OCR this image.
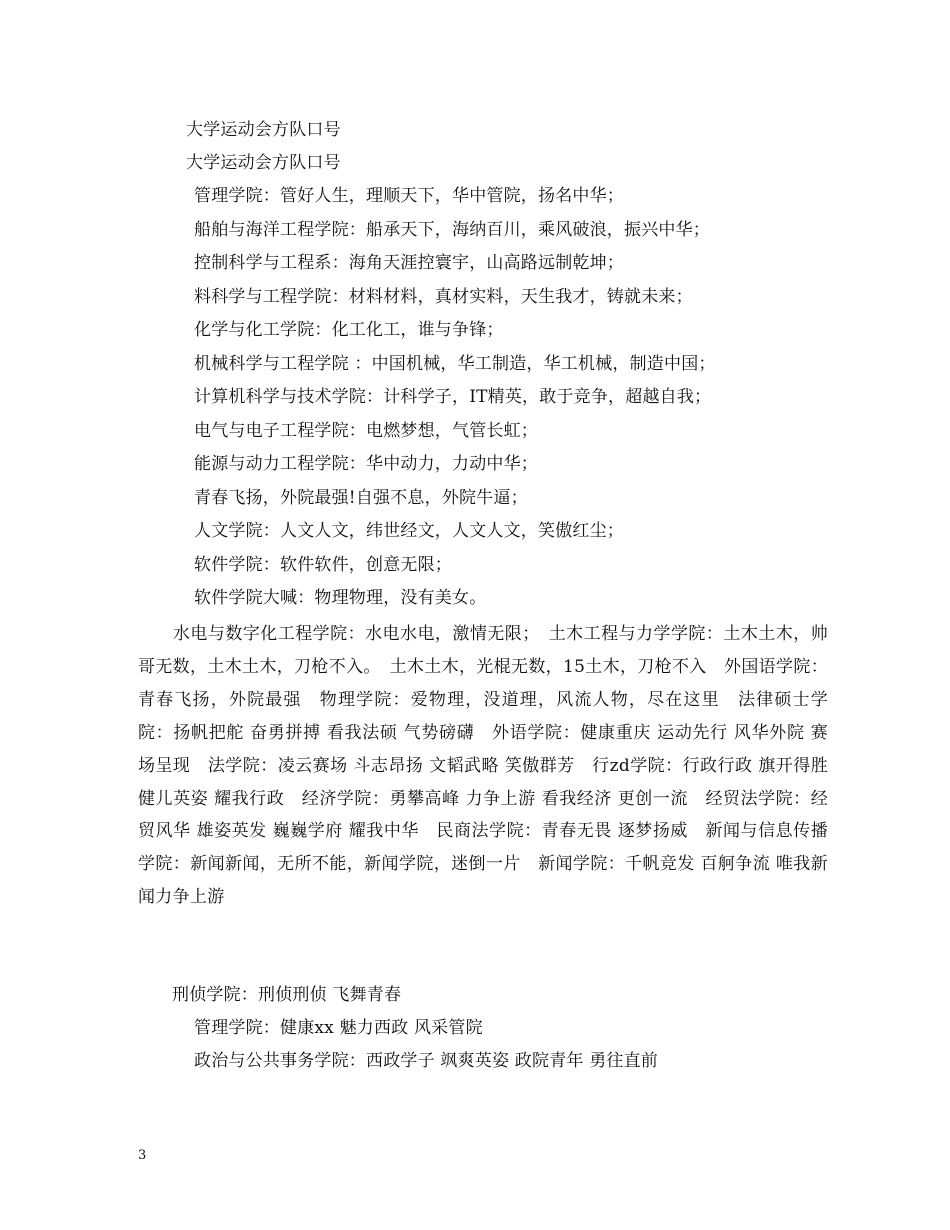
大学运动会方队口号
大学运动会方队口号
管理学院：管好人生，理顺天下，华中管院，扬名中华；
船舶与海洋工程学院：船承天下，海纳百川，乘风破浪，振兴中华；
控制科学与工程系：海角天涯控寰宇，山高路远制乾坤；
料科学与工程学院：材料材料，真材实料，天生我才，铸就未来；
化学与化工学院：化工化工，谁与争锋；
机械科学与工程学院 ：中国机械，华工制造，华工机械，制造中国；
计算机科学与技术学院：计科学子，IT精英，敢于竞争，超越自我；
电气与电子工程学院：电燃梦想，气管长虹；
能源与动力工程学院：华中动力，力动中华；
青春飞扬，外院最强!自强不息，外院牛逼；
人文学院：人文人文，纬世经文，人文人文，笑傲红尘；
软件学院：软件软件，创意无限；
软件学院大喊：物理物理，没有美女。
　　水电与数字化工程学院：水电水电，激情无限；　土木工程与力学学院：土木土木，帅哥无数，土木土木，刀枪不入。　土木土木，光棍无数，15土木，刀枪不入　外国语学院：青春飞扬，外院最强　物理学院：爱物理，没道理，风流人物，尽在这里　法律硕士学院：扬帆把舵 奋勇拼搏 看我法硕 气势磅礴　外语学院：健康重庆 运动先行 风华外院 赛场呈现　法学院：凌云赛场 斗志昂扬 文韬武略 笑傲群芳　行zd学院：行政行政 旗开得胜 健儿英姿 耀我行政　经济学院：勇攀高峰 力争上游 看我经济 更创一流　经贸法学院：经贸风华 雄姿英发 巍巍学府 耀我中华　民商法学院：青春无畏 逐梦扬威　新闻与信息传播学院：新闻新闻，无所不能，新闻学院，迷倒一片　新闻学院：千帆竞发 百舸争流 唯我新闻力争上游
刑侦学院：刑侦刑侦 飞舞青春
管理学院：健康xx 魅力西政 风采管院
政治与公共事务学院：西政学子 飒爽英姿 政院青年 勇往直前
3
